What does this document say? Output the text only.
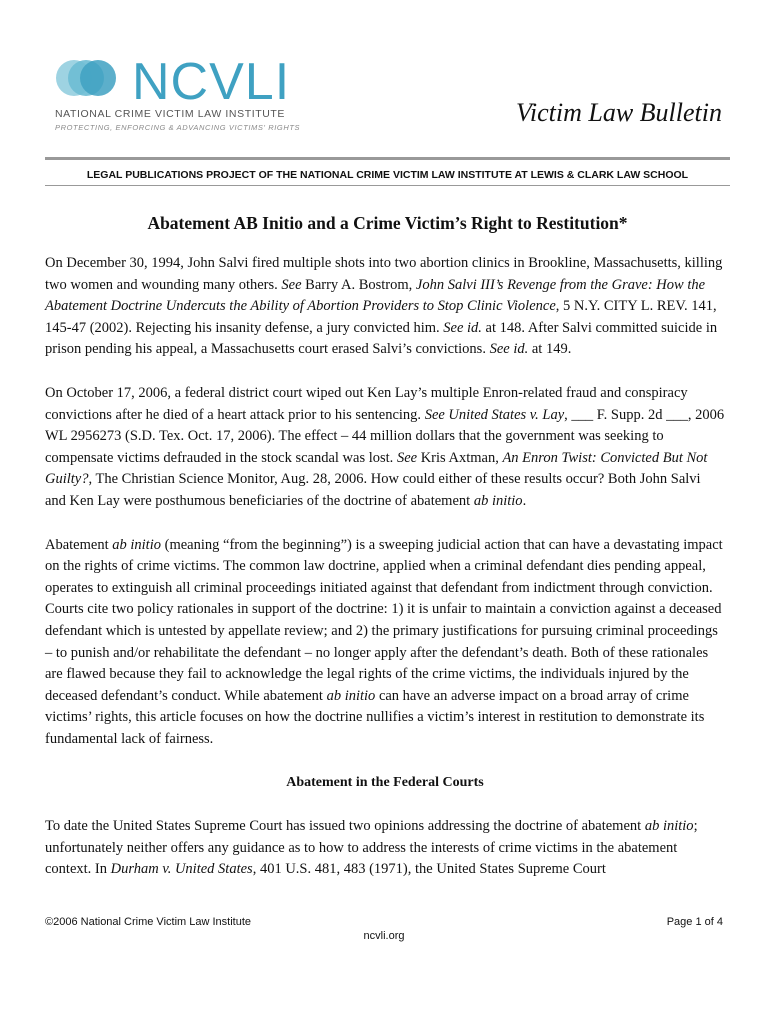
NCVLI
NATIONAL CRIME VICTIM LAW INSTITUTE
PROTECTING, ENFORCING & ADVANCING VICTIMS' RIGHTS
Victim Law Bulletin
LEGAL PUBLICATIONS PROJECT OF THE NATIONAL CRIME VICTIM LAW INSTITUTE AT LEWIS & CLARK LAW SCHOOL
Abatement AB Initio and a Crime Victim’s Right to Restitution*

On December 30, 1994, John Salvi fired multiple shots into two abortion clinics in Brookline, Massachusetts, killing two women and wounding many others. See Barry A. Bostrom, John Salvi III’s Revenge from the Grave: How the Abatement Doctrine Undercuts the Ability of Abortion Providers to Stop Clinic Violence, 5 N.Y. CITY L. REV. 141, 145-47 (2002). Rejecting his insanity defense, a jury convicted him. See id. at 148. After Salvi committed suicide in prison pending his appeal, a Massachusetts court erased Salvi’s convictions. See id. at 149.

On October 17, 2006, a federal district court wiped out Ken Lay’s multiple Enron-related fraud and conspiracy convictions after he died of a heart attack prior to his sentencing. See United States v. Lay, ___ F. Supp. 2d ___, 2006 WL 2956273 (S.D. Tex. Oct. 17, 2006). The effect – 44 million dollars that the government was seeking to compensate victims defrauded in the stock scandal was lost. See Kris Axtman, An Enron Twist: Convicted But Not Guilty?, The Christian Science Monitor, Aug. 28, 2006. How could either of these results occur? Both John Salvi and Ken Lay were posthumous beneficiaries of the doctrine of abatement ab initio.

Abatement ab initio (meaning “from the beginning”) is a sweeping judicial action that can have a devastating impact on the rights of crime victims. The common law doctrine, applied when a criminal defendant dies pending appeal, operates to extinguish all criminal proceedings initiated against that defendant from indictment through conviction. Courts cite two policy rationales in support of the doctrine: 1) it is unfair to maintain a conviction against a deceased defendant which is untested by appellate review; and 2) the primary justifications for pursuing criminal proceedings – to punish and/or rehabilitate the defendant – no longer apply after the defendant’s death. Both of these rationales are flawed because they fail to acknowledge the legal rights of the crime victims, the individuals injured by the deceased defendant’s conduct. While abatement ab initio can have an adverse impact on a broad array of crime victims’ rights, this article focuses on how the doctrine nullifies a victim’s interest in restitution to demonstrate its fundamental lack of fairness.

Abatement in the Federal Courts

To date the United States Supreme Court has issued two opinions addressing the doctrine of abatement ab initio; unfortunately neither offers any guidance as to how to address the interests of crime victims in the abatement context. In Durham v. United States, 401 U.S. 481, 483 (1971), the United States Supreme Court

©2006 National Crime Victim Law Institute	Page 1 of 4
ncvli.org
